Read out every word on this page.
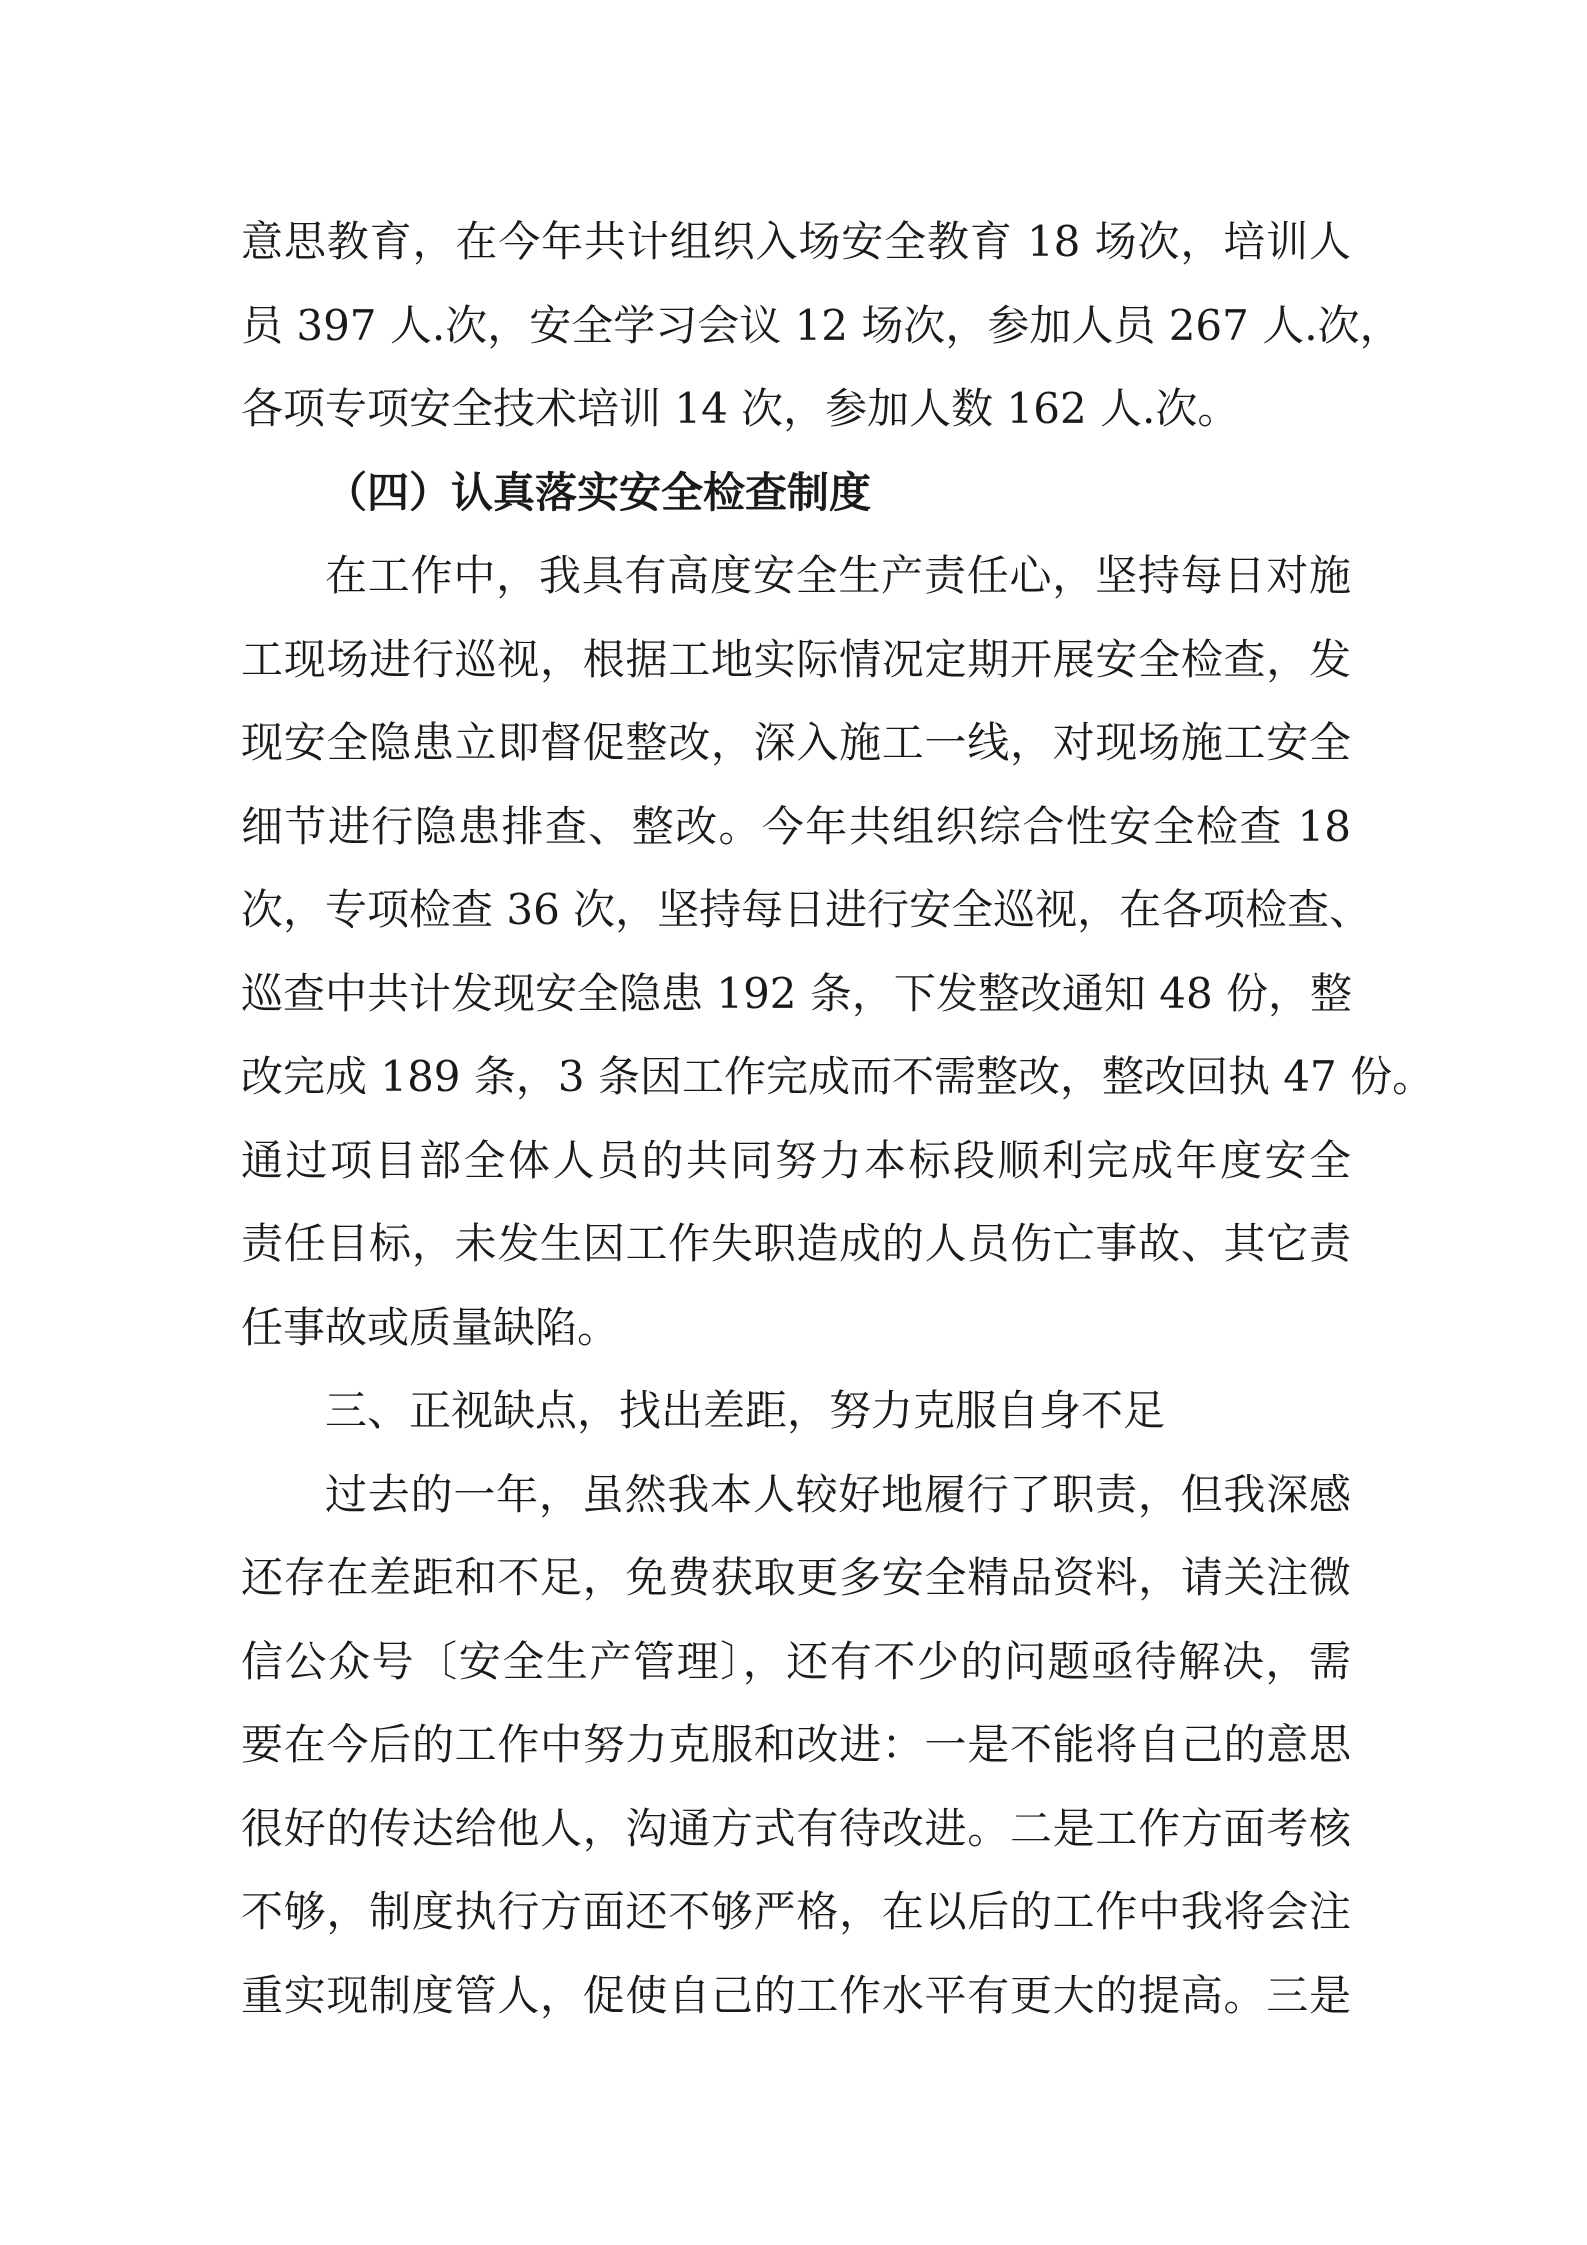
意思教育，在今年共计组织入场安全教育 18 场次，培训人
员 397 人.次，安全学习会议 12 场次，参加人员 267 人.次，
各项专项安全技术培训 14 次，参加人数 162 人.次。
（四）认真落实安全检查制度
在工作中，我具有高度安全生产责任心，坚持每日对施
工现场进行巡视，根据工地实际情况定期开展安全检查，发
现安全隐患立即督促整改，深入施工一线，对现场施工安全
细节进行隐患排查、整改。今年共组织综合性安全检查 18
次，专项检查 36 次，坚持每日进行安全巡视，在各项检查、
巡查中共计发现安全隐患 192 条，下发整改通知 48 份，整
改完成 189 条，3 条因工作完成而不需整改，整改回执 47 份。
通过项目部全体人员的共同努力本标段顺利完成年度安全
责任目标，未发生因工作失职造成的人员伤亡事故、其它责
任事故或质量缺陷。
三、正视缺点，找出差距，努力克服自身不足
过去的一年，虽然我本人较好地履行了职责，但我深感
还存在差距和不足，免费获取更多安全精品资料，请关注微
信公众号〔安全生产管理〕，还有不少的问题亟待解决，需
要在今后的工作中努力克服和改进：一是不能将自己的意思
很好的传达给他人，沟通方式有待改进。二是工作方面考核
不够，制度执行方面还不够严格，在以后的工作中我将会注
重实现制度管人，促使自己的工作水平有更大的提高。三是
